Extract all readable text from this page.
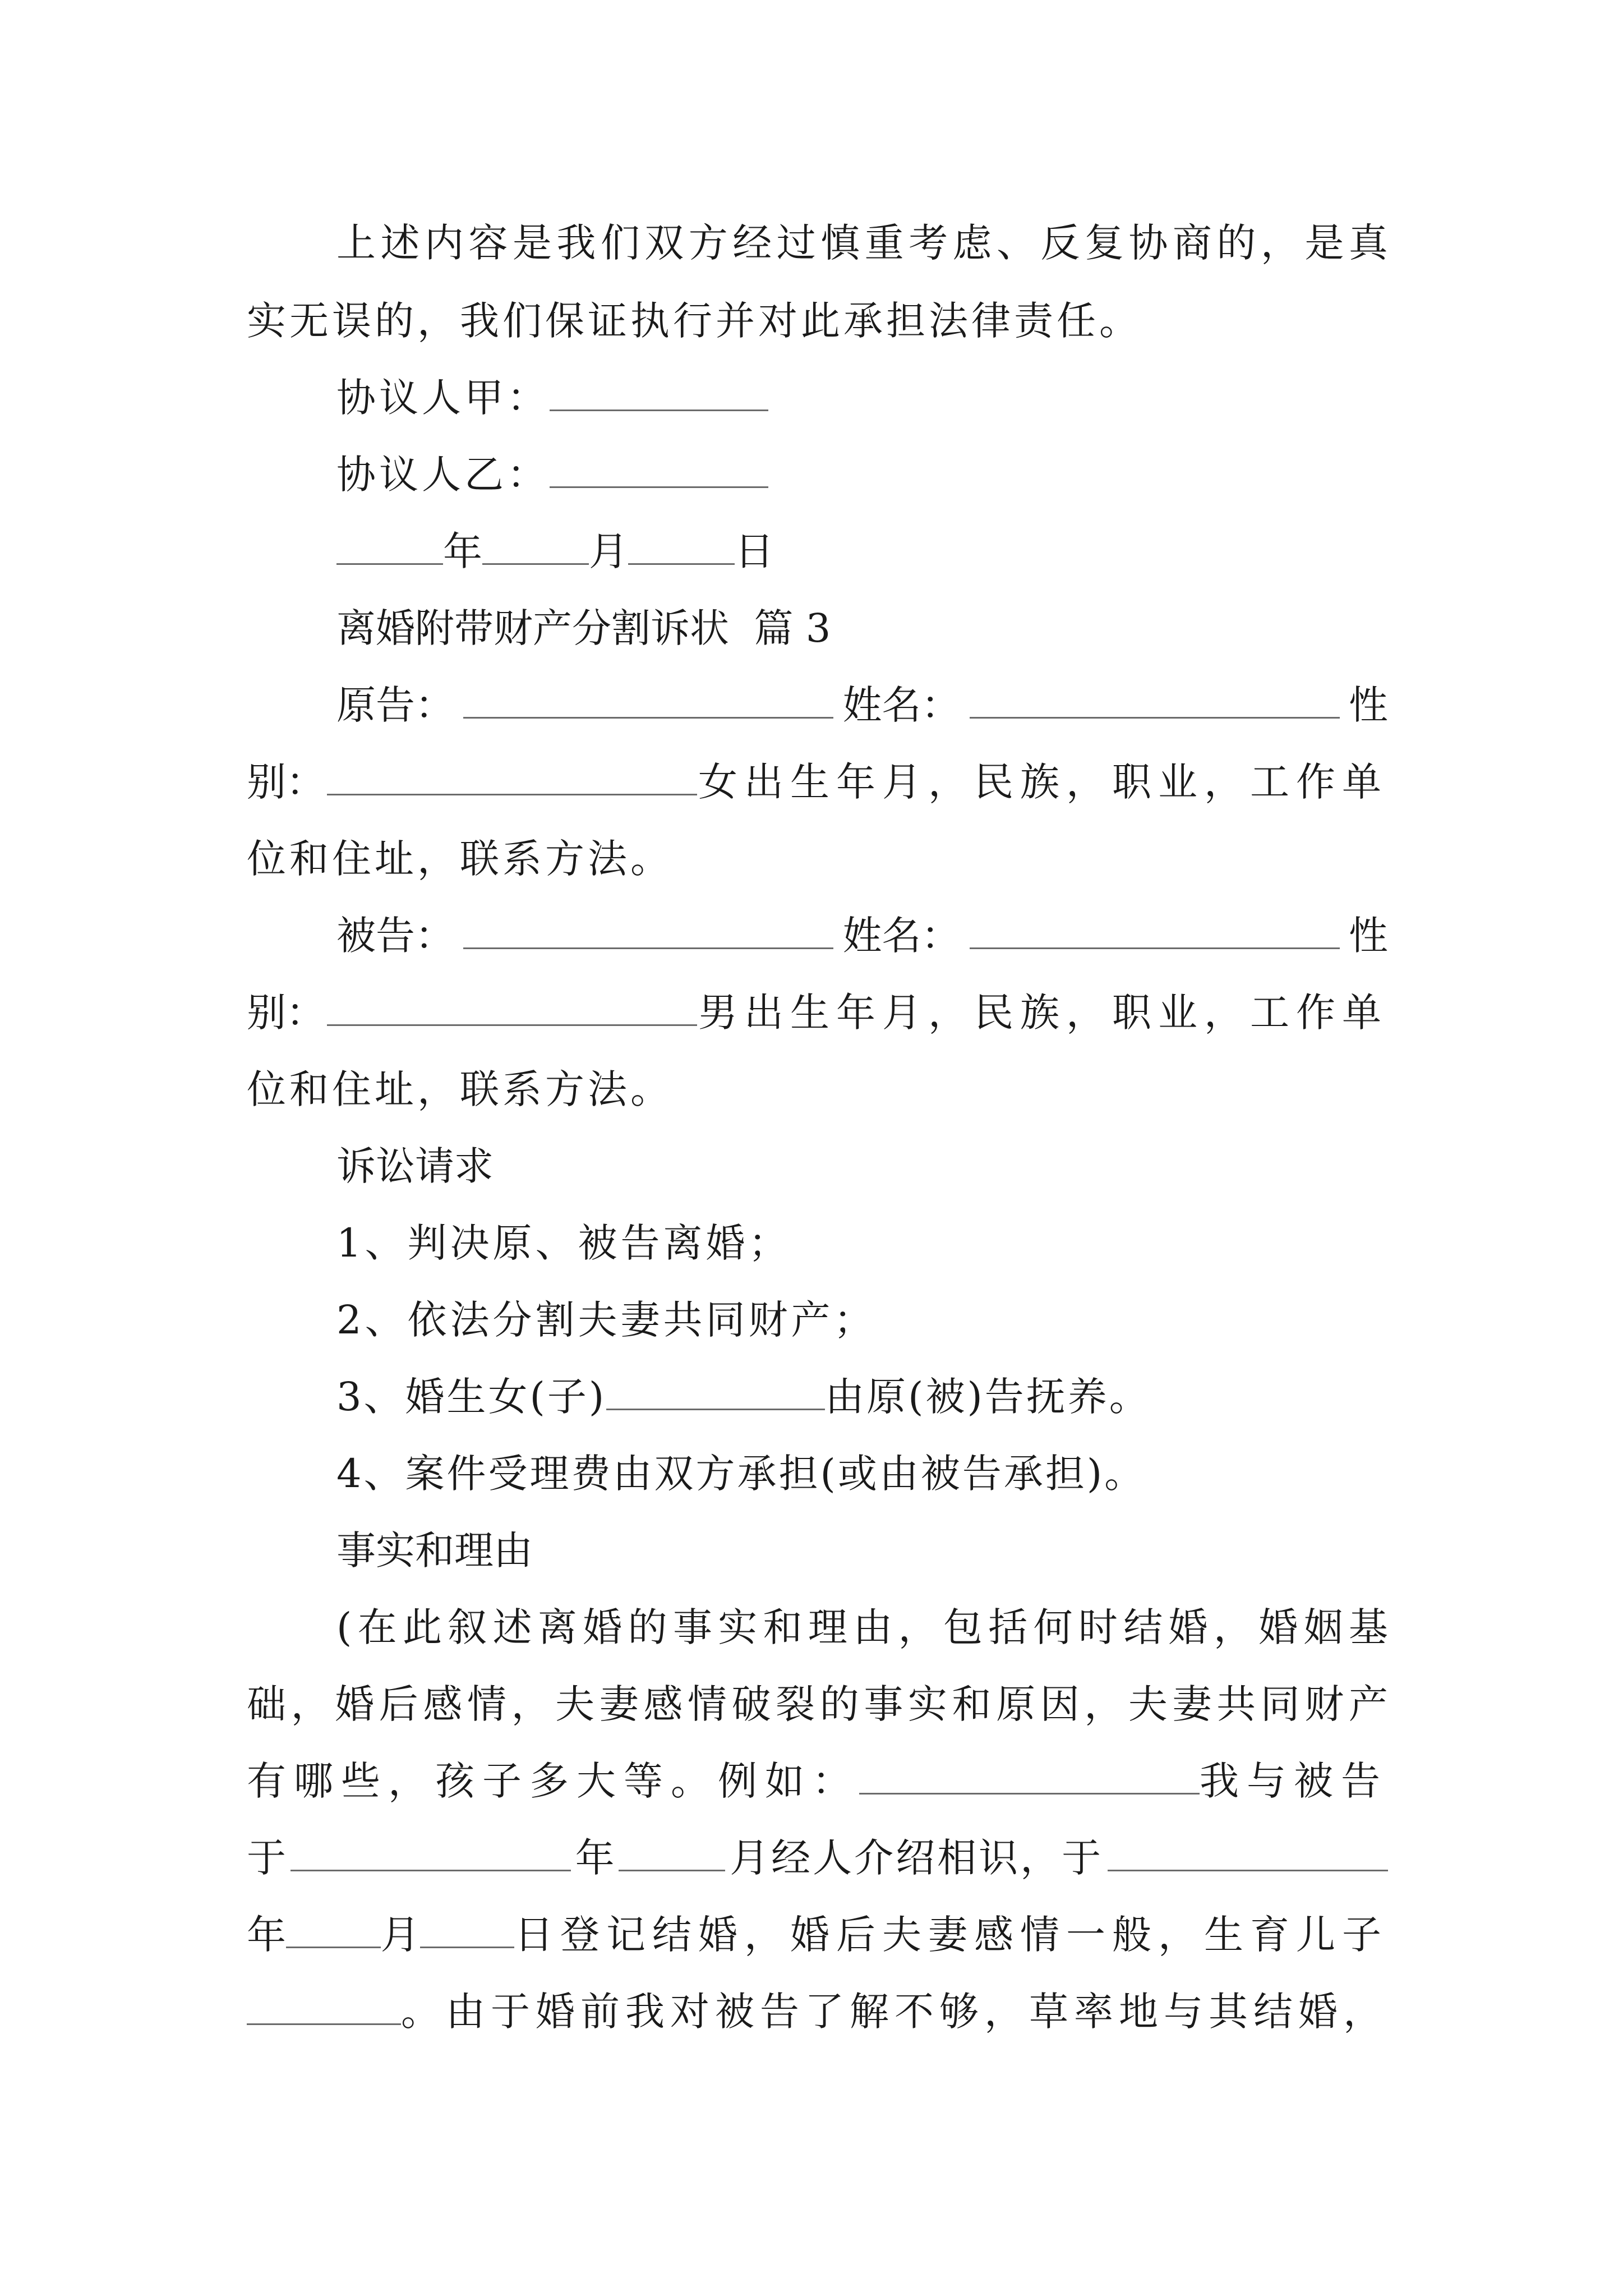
上 述 内 容 是 我 们 双 方 经 过 慎 重 考 虑 、 反 复 协 商 的 ， 是 真
实无误的，我们保证执行并对此承担法律责任。
协议人甲：
协议人乙：
年	月	日
离婚附带财产分割诉状  篇 3
原告：	姓名：	性
别：	女出生年月，民族，职业，工作单
位和住址，联系方法。
被告：	姓名：	性
别：	男出生年月，民族，职业，工作单
位和住址，联系方法。
诉讼请求
1、判决原、被告离婚；
2、依法分割夫妻共同财产；
3、婚生女(子)	由原(被)告抚养。
4、案件受理费由双方承担(或由被告承担)。
事实和理由
( 在 此 叙 述 离 婚 的 事 实 和 理 由 ， 包 括 何 时 结 婚 ， 婚 姻 基
础 ， 婚 后 感 情 ， 夫 妻 感 情 破 裂 的 事 实 和 原 因 ， 夫 妻 共 同 财 产
有哪些，孩子多大等。例如：	我与被告
于	年	月经人介绍相识，于
年 月 日登记结婚，婚后夫妻感情一般，生育儿子
。由于婚前我对被告了解不够，草率地与其结婚，
